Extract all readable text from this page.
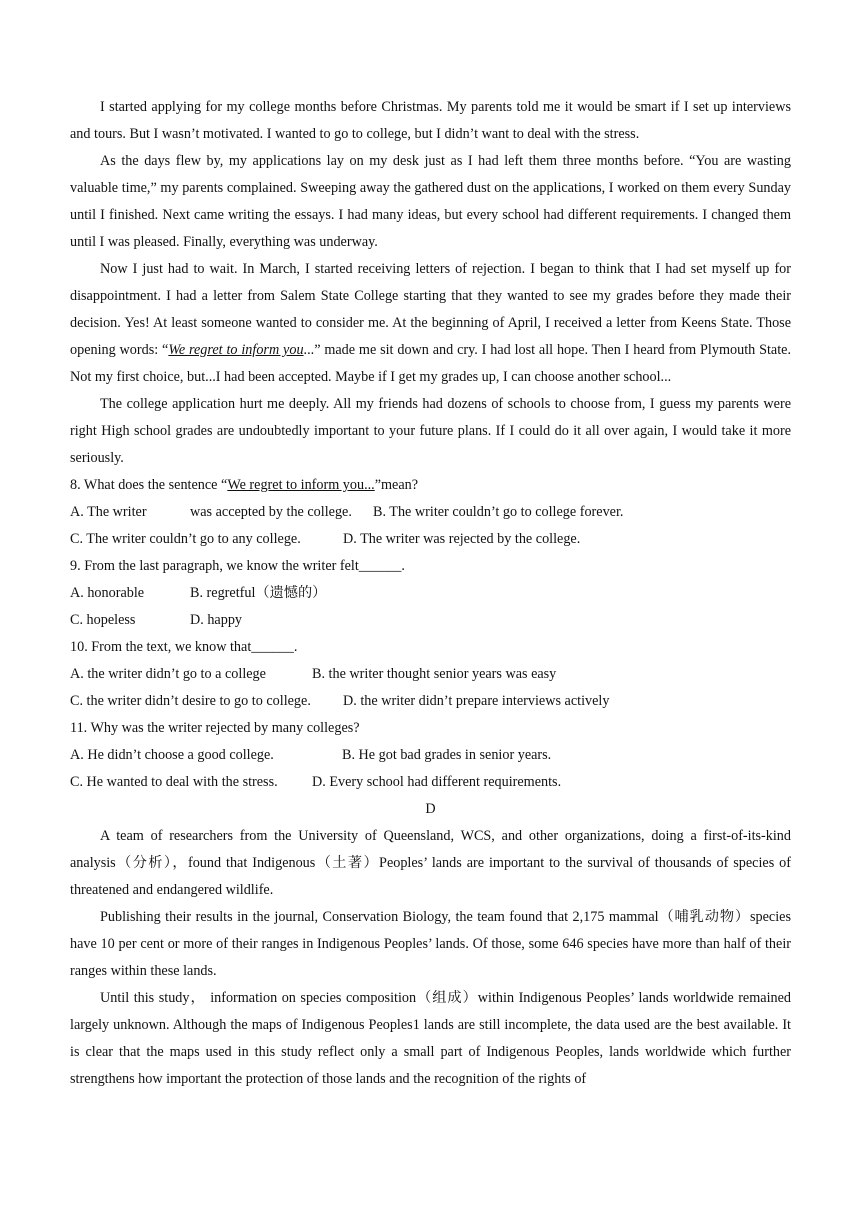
I started applying for my college months before Christmas. My parents told me it would be smart if I set up interviews and tours. But I wasn’t motivated. I wanted to go to college, but I didn’t want to deal with the stress.

As the days flew by, my applications lay on my desk just as I had left them three months before. “You are wasting valuable time,” my parents complained. Sweeping away the gathered dust on the applications, I worked on them every Sunday until I finished. Next came writing the essays. I had many ideas, but every school had different requirements. I changed them until I was pleased. Finally, everything was underway.

Now I just had to wait. In March, I started receiving letters of rejection. I began to think that I had set myself up for disappointment. I had a letter from Salem State College starting that they wanted to see my grades before they made their decision. Yes! At least someone wanted to consider me. At the beginning of April, I received a letter from Keens State. Those opening words: “We regret to inform you...” made me sit down and cry. I had lost all hope. Then I heard from Plymouth State. Not my first choice, but...I had been accepted. Maybe if I get my grades up, I can choose another school...

The college application hurt me deeply. All my friends had dozens of schools to choose from, I guess my parents were right High school grades are undoubtedly important to your future plans. If I could do it all over again, I would take it more seriously.

8. What does the sentence “We regret to inform you...”mean?

A. The writer	was accepted by the college.	B. The writer couldn’t go to college forever.
C. The writer couldn’t go to any college.	D. The writer was rejected by the college.

9. From the last paragraph, we know the writer felt______.

A. honorable	B. regretful（遗憾的）
C. hopeless	D. happy

10. From the text, we know that______.

A. the writer didn’t go to a college	B. the writer thought senior years was easy
C. the writer didn’t desire to go to college.	D. the writer didn’t prepare interviews actively

11. Why was the writer rejected by many colleges?

A. He didn’t choose a good college.	B. He got bad grades in senior years.
C. He wanted to deal with the stress.	D. Every school had different requirements.

D

A team of researchers from the University of Queensland, WCS, and other organizations, doing a first-of-its-kind analysis（分析），found that Indigenous（土著）Peoples’ lands are important to the survival of thousands of species of threatened and endangered wildlife.

Publishing their results in the journal, Conservation Biology, the team found that 2,175 mammal（哺乳动物）species have 10 per cent or more of their ranges in Indigenous Peoples’ lands. Of those, some 646 species have more than half of their ranges within these lands.

Until this study， information on species composition（组成）within Indigenous Peoples’ lands worldwide remained largely unknown. Although the maps of Indigenous Peoples1 lands are still incomplete, the data used are the best available. It is clear that the maps used in this study reflect only a small part of Indigenous Peoples, lands worldwide which further strengthens how important the protection of those lands and the recognition of the rights of
